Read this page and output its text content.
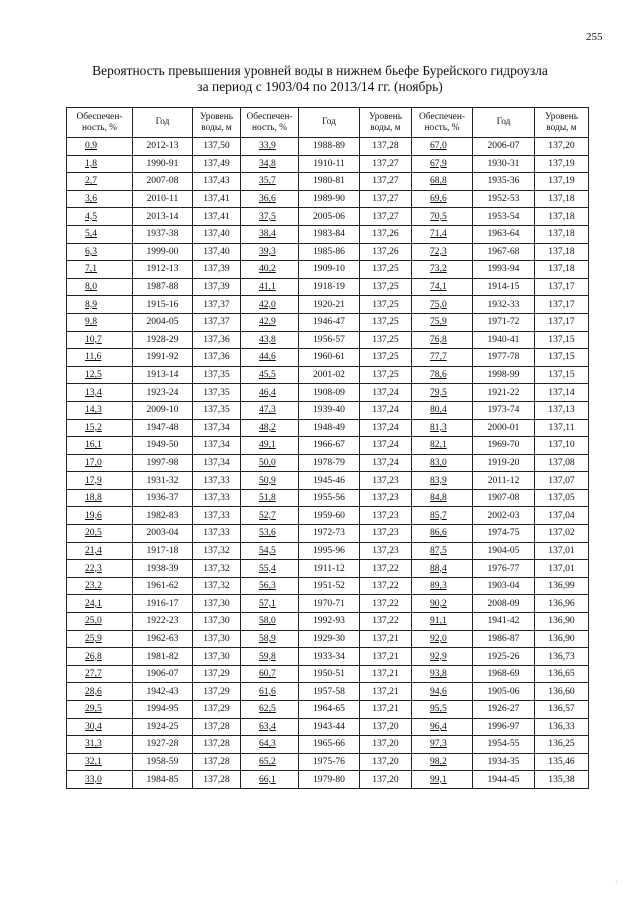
255
Вероятность превышения уровней воды в нижнем бьефе Бурейского гидроузла
за период с 1903/04 по 2013/14 гг. (ноябрь)
Обеспечен-ность, %	Год	Уровень воды, м	Обеспечен-ность, %	Год	Уровень воды, м	Обеспечен-ность, %	Год	Уровень воды, м
0,9	2012-13	137,50	33,9	1988-89	137,28	67,0	2006-07	137,20
1,8	1990-91	137,49	34,8	1910-11	137,27	67,9	1930-31	137,19
2,7	2007-08	137,43	35,7	1980-81	137,27	68,8	1935-36	137,19
3,6	2010-11	137,41	36,6	1989-90	137,27	69,6	1952-53	137,18
4,5	2013-14	137,41	37,5	2005-06	137,27	70,5	1953-54	137,18
5,4	1937-38	137,40	38,4	1983-84	137,26	71,4	1963-64	137,18
6,3	1999-00	137,40	39,3	1985-86	137,26	72,3	1967-68	137,18
7,1	1912-13	137,39	40,2	1909-10	137,25	73,2	1993-94	137,18
8,0	1987-88	137,39	41,1	1918-19	137,25	74,1	1914-15	137,17
8,9	1915-16	137,37	42,0	1920-21	137,25	75,0	1932-33	137,17
9,8	2004-05	137,37	42,9	1946-47	137,25	75,9	1971-72	137,17
10,7	1928-29	137,36	43,8	1956-57	137,25	76,8	1940-41	137,15
11,6	1991-92	137,36	44,6	1960-61	137,25	77,7	1977-78	137,15
12,5	1913-14	137,35	45,5	2001-02	137,25	78,6	1998-99	137,15
13,4	1923-24	137,35	46,4	1908-09	137,24	79,5	1921-22	137,14
14,3	2009-10	137,35	47,3	1939-40	137,24	80,4	1973-74	137,13
15,2	1947-48	137,34	48,2	1948-49	137,24	81,3	2000-01	137,11
16,1	1949-50	137,34	49,1	1966-67	137,24	82,1	1969-70	137,10
17,0	1997-98	137,34	50,0	1978-79	137,24	83,0	1919-20	137,08
17,9	1931-32	137,33	50,9	1945-46	137,23	83,9	2011-12	137,07
18,8	1936-37	137,33	51,8	1955-56	137,23	84,8	1907-08	137,05
19,6	1982-83	137,33	52,7	1959-60	137,23	85,7	2002-03	137,04
20,5	2003-04	137,33	53,6	1972-73	137,23	86,6	1974-75	137,02
21,4	1917-18	137,32	54,5	1995-96	137,23	87,5	1904-05	137,01
22,3	1938-39	137,32	55,4	1911-12	137,22	88,4	1976-77	137,01
23,2	1961-62	137,32	56,3	1951-52	137,22	89,3	1903-04	136,99
24,1	1916-17	137,30	57,1	1970-71	137,22	90,2	2008-09	136,96
25,0	1922-23	137,30	58,0	1992-93	137,22	91,1	1941-42	136,90
25,9	1962-63	137,30	58,9	1929-30	137,21	92,0	1986-87	136,90
26,8	1981-82	137,30	59,8	1933-34	137,21	92,9	1925-26	136,73
27,7	1906-07	137,29	60,7	1950-51	137,21	93,8	1968-69	136,65
28,6	1942-43	137,29	61,6	1957-58	137,21	94,6	1905-06	136,60
29,5	1994-95	137,29	62,5	1964-65	137,21	95,5	1926-27	136,57
30,4	1924-25	137,28	63,4	1943-44	137,20	96,4	1996-97	136,33
31,3	1927-28	137,28	64,3	1965-66	137,20	97,3	1954-55	136,25
32,1	1958-59	137,28	65,2	1975-76	137,20	98,2	1934-35	135,46
33,0	1984-85	137,28	66,1	1979-80	137,20	99,1	1944-45	135,38
·
